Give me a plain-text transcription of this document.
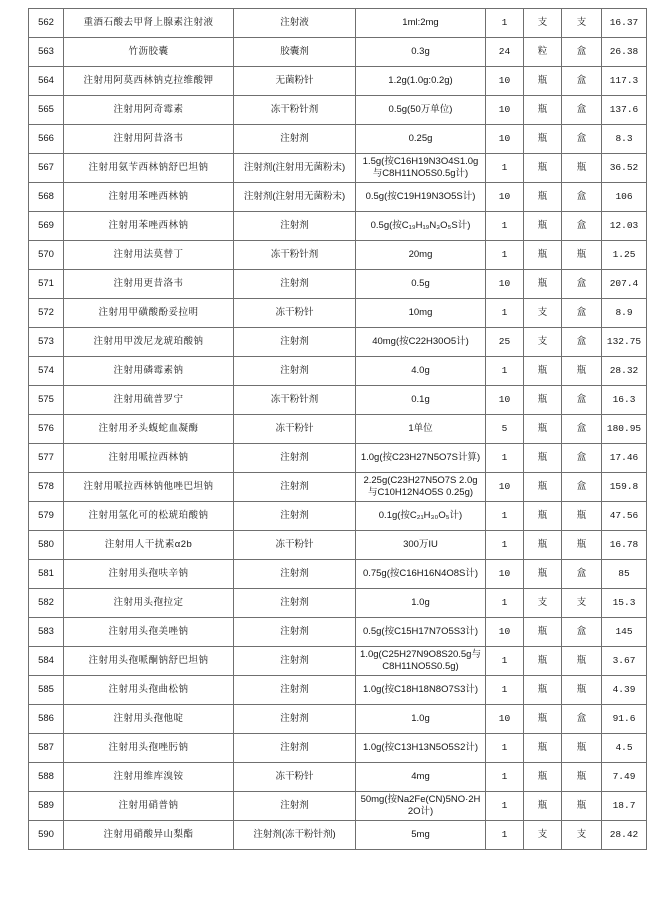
562	重酒石酸去甲肾上腺素注射液	注射液	1ml:2mg	1	支	支	16.37
563	竹沥胶囊	胶囊剂	0.3g	24	粒	盒	26.38
564	注射用阿莫西林钠克拉维酸钾	无菌粉针	1.2g(1.0g:0.2g)	10	瓶	盒	117.3
565	注射用阿奇霉素	冻干粉针剂	0.5g(50万单位)	10	瓶	盒	137.6
566	注射用阿昔洛韦	注射剂	0.25g	10	瓶	盒	8.3
567	注射用氨苄西林钠舒巴坦钠	注射剂(注射用无菌粉末)	1.5g(按C16H19N3O4S1.0g与C8H11NO5S0.5g计)	1	瓶	瓶	36.52
568	注射用苯唑西林钠	注射剂(注射用无菌粉末)	0.5g(按C19H19N3O5S计)	10	瓶	盒	106
569	注射用苯唑西林钠	注射剂	0.5g(按C₁₉H₁₉N₃O₅S计)	1	瓶	盒	12.03
570	注射用法莫替丁	冻干粉针剂	20mg	1	瓶	瓶	1.25
571	注射用更昔洛韦	注射剂	0.5g	10	瓶	盒	207.4
572	注射用甲磺酸酚妥拉明	冻干粉针	10mg	1	支	盒	8.9
573	注射用甲泼尼龙琥珀酸钠	注射剂	40mg(按C22H30O5计)	25	支	盒	132.75
574	注射用磷霉素钠	注射剂	4.0g	1	瓶	瓶	28.32
575	注射用硫普罗宁	冻干粉针剂	0.1g	10	瓶	盒	16.3
576	注射用矛头蝮蛇血凝酶	冻干粉针	1单位	5	瓶	盒	180.95
577	注射用哌拉西林钠	注射剂	1.0g(按C23H27N5O7S计算)	1	瓶	盒	17.46
578	注射用哌拉西林钠他唑巴坦钠	注射剂	2.25g(C23H27N5O7S 2.0g与C10H12N4O5S 0.25g)	10	瓶	盒	159.8
579	注射用氢化可的松琥珀酸钠	注射剂	0.1g(按C₂₁H₃₀O₅计)	1	瓶	瓶	47.56
580	注射用人干扰素α2b	冻干粉针	300万IU	1	瓶	瓶	16.78
581	注射用头孢呋辛钠	注射剂	0.75g(按C16H16N4O8S计)	10	瓶	盒	85
582	注射用头孢拉定	注射剂	1.0g	1	支	支	15.3
583	注射用头孢美唑钠	注射剂	0.5g(按C15H17N7O5S3计)	10	瓶	盒	145
584	注射用头孢哌酮钠舒巴坦钠	注射剂	1.0g(C25H27N9O8S20.5g与C8H11NO5S0.5g)	1	瓶	瓶	3.67
585	注射用头孢曲松钠	注射剂	1.0g(按C18H18N8O7S3计)	1	瓶	瓶	4.39
586	注射用头孢他啶	注射剂	1.0g	10	瓶	盒	91.6
587	注射用头孢唑肟钠	注射剂	1.0g(按C13H13N5O5S2计)	1	瓶	瓶	4.5
588	注射用维库溴铵	冻干粉针	4mg	1	瓶	瓶	7.49
589	注射用硝普钠	注射剂	50mg(按Na2Fe(CN)5NO·2H2O计)	1	瓶	瓶	18.7
590	注射用硝酸异山梨酯	注射剂(冻干粉针剂)	5mg	1	支	支	28.42
